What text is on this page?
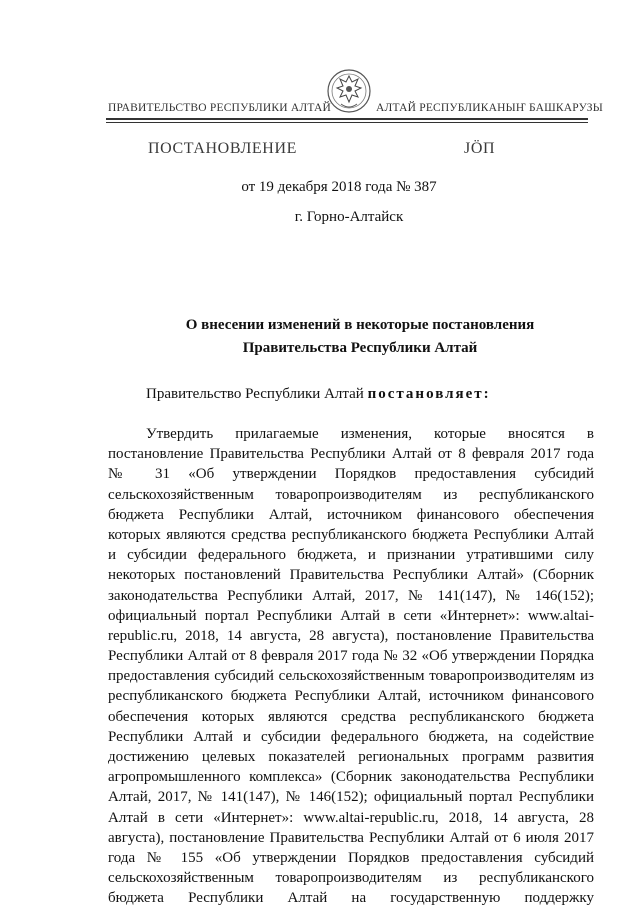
ПРАВИТЕЛЬСТВО РЕСПУБЛИКИ АЛТАЙ	АЛТАЙ РЕСПУБЛИКАНЫҤ БАШКАРУЗЫ
ПОСТАНОВЛЕНИЕ	ЈӦП
от 19 декабря 2018 года № 387
г. Горно-Алтайск
О внесении изменений в некоторые постановления
Правительства Республики Алтай
Правительство Республики Алтай постановляет:
Утвердить прилагаемые изменения, которые вносятся в
постановление Правительства Республики Алтай от 8 февраля 2017 года
№ 31 «Об утверждении Порядков предоставления субсидий
сельскохозяйственным товаропроизводителям из республиканского
бюджета Республики Алтай, источником финансового обеспечения
которых являются средства республиканского бюджета Республики Алтай
и субсидии федерального бюджета, и признании утратившими силу
некоторых постановлений Правительства Республики Алтай» (Сборник
законодательства Республики Алтай, 2017, № 141(147), № 146(152);
официальный портал Республики Алтай в сети «Интернет»: www.altai-
republic.ru, 2018, 14 августа, 28 августа), постановление Правительства
Республики Алтай от 8 февраля 2017 года № 32 «Об утверждении Порядка
предоставления субсидий сельскохозяйственным товаропроизводителям из
республиканского бюджета Республики Алтай, источником финансового
обеспечения которых являются средства республиканского бюджета
Республики Алтай и субсидии федерального бюджета, на содействие
достижению целевых показателей региональных программ развития
агропромышленного комплекса» (Сборник законодательства Республики
Алтай, 2017, № 141(147), № 146(152); официальный портал Республики
Алтай в сети «Интернет»: www.altai-republic.ru, 2018, 14 августа, 28
августа), постановление Правительства Республики Алтай от 6 июля 2017
года № 155 «Об утверждении Порядков предоставления субсидий
сельскохозяйственным товаропроизводителям из республиканского
бюджета Республики Алтай на государственную поддержку
